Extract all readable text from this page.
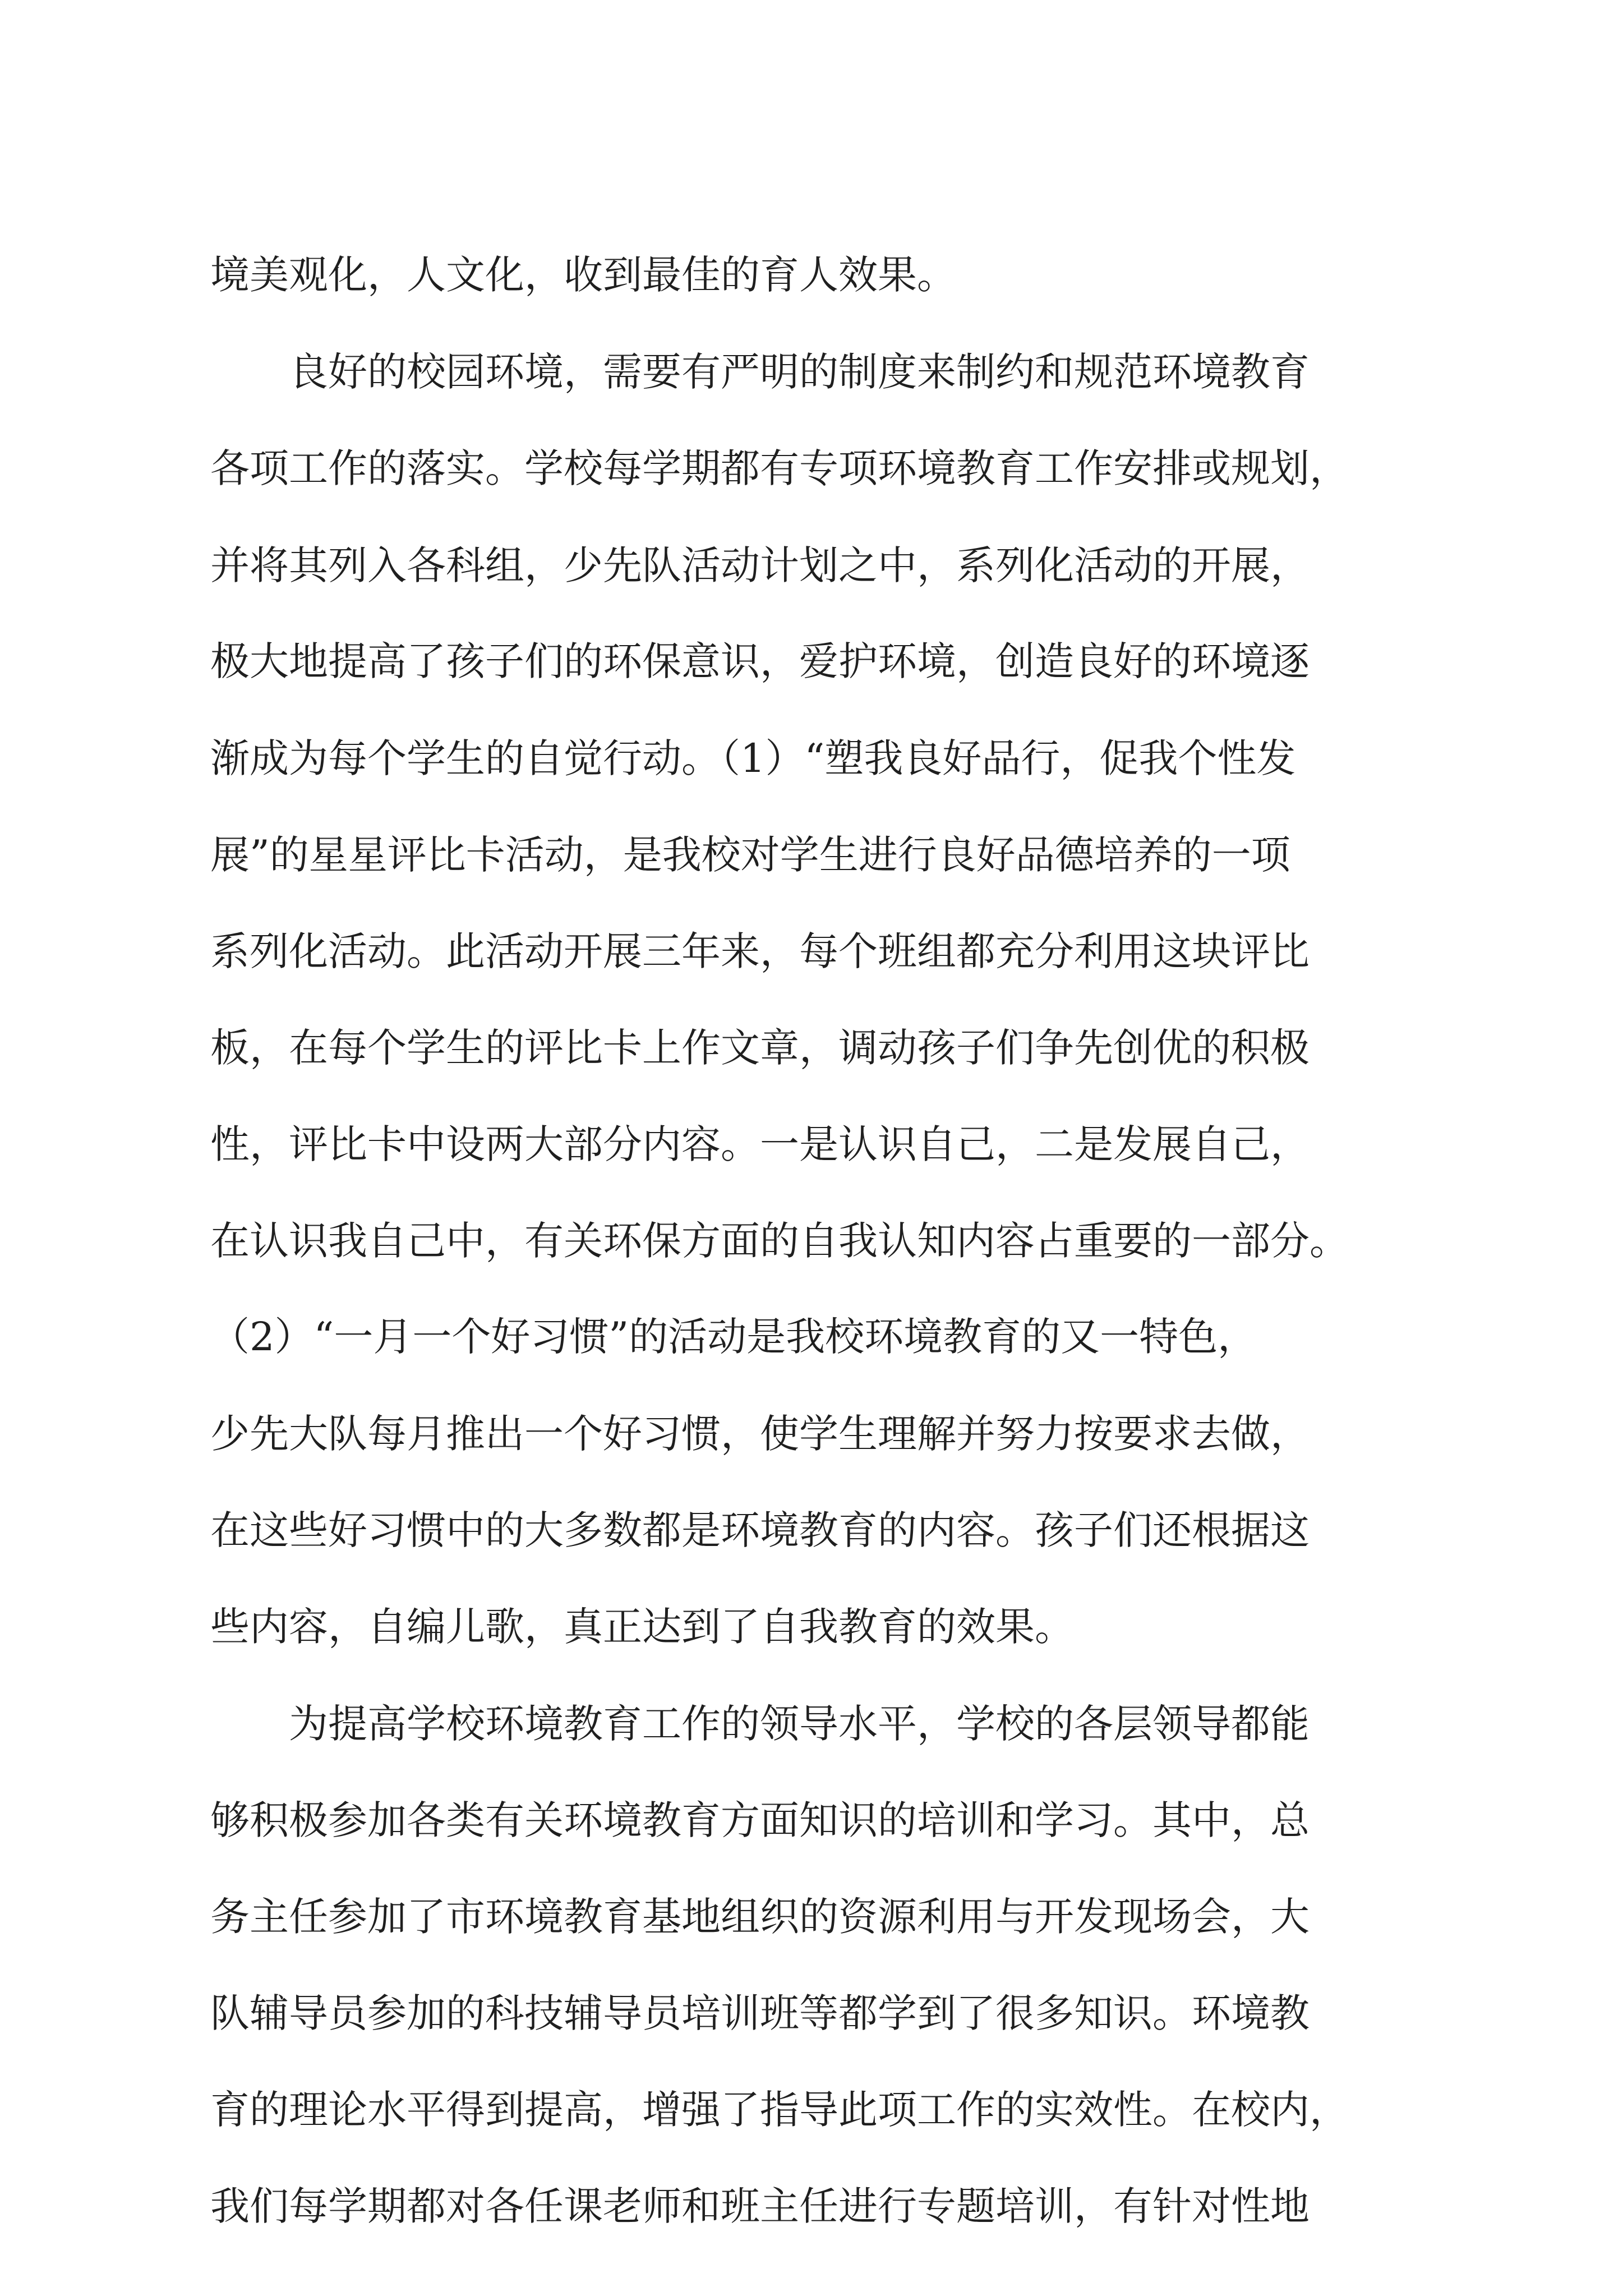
境美观化，人文化，收到最佳的育人效果。
　　良好的校园环境，需要有严明的制度来制约和规范环境教育
各项工作的落实。学校每学期都有专项环境教育工作安排或规划，
并将其列入各科组，少先队活动计划之中，系列化活动的开展，
极大地提高了孩子们的环保意识，爱护环境，创造良好的环境逐
渐成为每个学生的自觉行动。（1）“塑我良好品行，促我个性发
展”的星星评比卡活动，是我校对学生进行良好品德培养的一项
系列化活动。此活动开展三年来，每个班组都充分利用这块评比
板，在每个学生的评比卡上作文章，调动孩子们争先创优的积极
性，评比卡中设两大部分内容。一是认识自己，二是发展自己，
在认识我自己中，有关环保方面的自我认知内容占重要的一部分。
（2）“一月一个好习惯”的活动是我校环境教育的又一特色，
少先大队每月推出一个好习惯，使学生理解并努力按要求去做，
在这些好习惯中的大多数都是环境教育的内容。孩子们还根据这
些内容，自编儿歌，真正达到了自我教育的效果。
　　为提高学校环境教育工作的领导水平，学校的各层领导都能
够积极参加各类有关环境教育方面知识的培训和学习。其中，总
务主任参加了市环境教育基地组织的资源利用与开发现场会，大
队辅导员参加的科技辅导员培训班等都学到了很多知识。环境教
育的理论水平得到提高，增强了指导此项工作的实效性。在校内，
我们每学期都对各任课老师和班主任进行专题培训，有针对性地
